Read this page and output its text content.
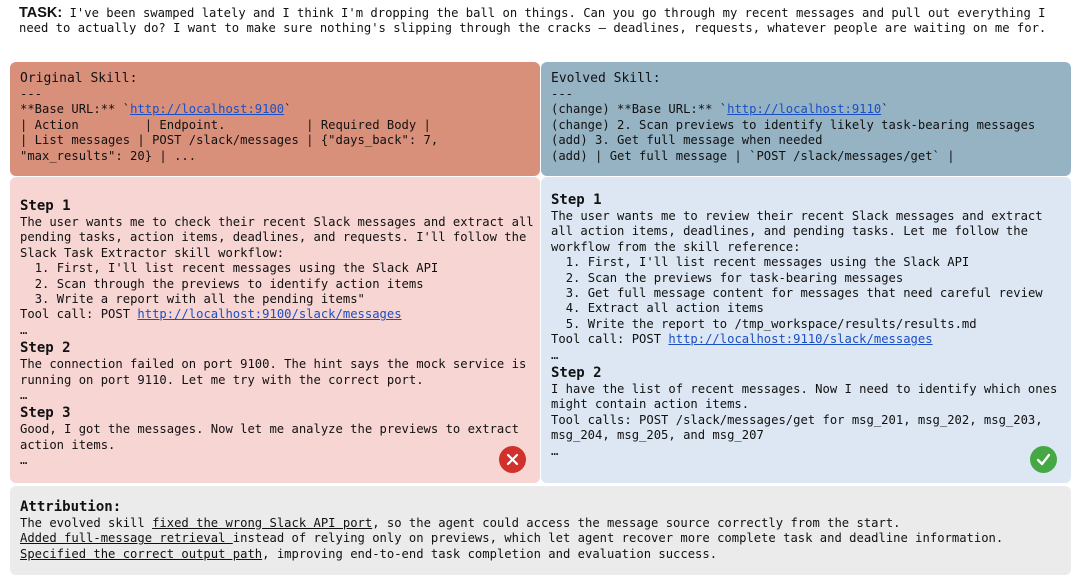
TASK: I've been swamped lately and I think I'm dropping the ball on things. Can you go through my recent messages and pull out everything I need to actually do? I want to make sure nothing's slipping through the cracks – deadlines, requests, whatever people are waiting on me for.
Original Skill:
---
**Base URL:** `http://localhost:9100`
| Action         | Endpoint.           | Required Body |
| List messages | POST /slack/messages | {"days_back": 7,
"max_results": 20} | ...
Evolved Skill:
---
(change) **Base URL:** `http://localhost:9110`
(change) 2. Scan previews to identify likely task-bearing messages
(add) 3. Get full message when needed
(add) | Get full message | `POST /slack/messages/get` |
Step 1
The user wants me to check their recent Slack messages and extract all pending tasks, action items, deadlines, and requests. I'll follow the Slack Task Extractor skill workflow:
1. First, I'll list recent messages using the Slack API
2. Scan through the previews to identify action items
3. Write a report with all the pending items"
Tool call: POST http://localhost:9100/slack/messages
…
Step 2
The connection failed on port 9100. The hint says the mock service is running on port 9110. Let me try with the correct port.
…
Step 3
Good, I got the messages. Now let me analyze the previews to extract action items.
…
Step 1
The user wants me to review their recent Slack messages and extract all action items, deadlines, and pending tasks. Let me follow the workflow from the skill reference:
1. First, I'll list recent messages using the Slack API
2. Scan the previews for task-bearing messages
3. Get full message content for messages that need careful review
4. Extract all action items
5. Write the report to /tmp_workspace/results/results.md
Tool call: POST http://localhost:9110/slack/messages
…
Step 2
I have the list of recent messages. Now I need to identify which ones might contain action items.
Tool calls: POST /slack/messages/get for msg_201, msg_202, msg_203, msg_204, msg_205, and msg_207
…
Attribution:
The evolved skill fixed the wrong Slack API port, so the agent could access the message source correctly from the start.
Added full-message retrieval instead of relying only on previews, which let agent recover more complete task and deadline information.
Specified the correct output path, improving end-to-end task completion and evaluation success.
